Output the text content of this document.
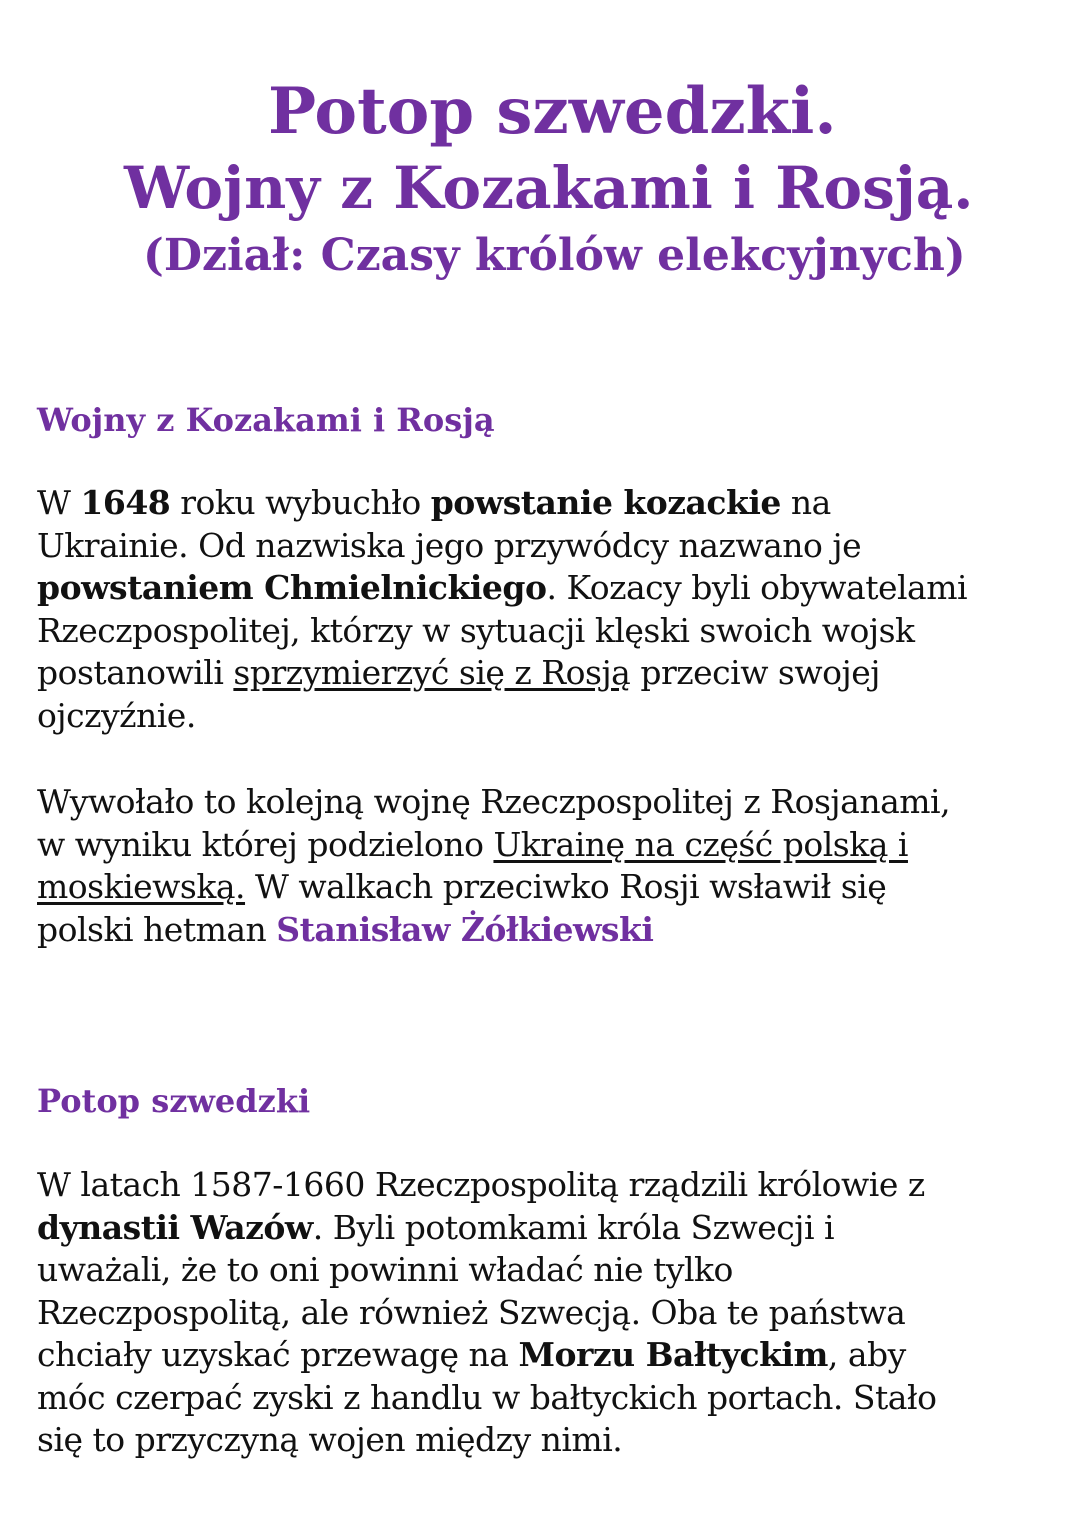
Potop szwedzki.
Wojny z Kozakami i Rosją.
(Dział: Czasy królów elekcyjnych)
Wojny z Kozakami i Rosją

W 1648 roku wybuchło powstanie kozackie na
Ukrainie. Od nazwiska jego przywódcy nazwano je
powstaniem Chmielnickiego. Kozacy byli obywatelami
Rzeczpospolitej, którzy w sytuacji klęski swoich wojsk
postanowili sprzymierzyć się z Rosją przeciw swojej
ojczyźnie.

Wywołało to kolejną wojnę Rzeczpospolitej z Rosjanami,
w wyniku której podzielono Ukrainę na część polską i
moskiewską. W walkach przeciwko Rosji wsławił się
polski hetman Stanisław Żółkiewski

Potop szwedzki

W latach 1587-1660 Rzeczpospolitą rządzili królowie z
dynastii Wazów. Byli potomkami króla Szwecji i
uważali, że to oni powinni władać nie tylko
Rzeczpospolitą, ale również Szwecją. Oba te państwa
chciały uzyskać przewagę na Morzu Bałtyckim, aby
móc czerpać zyski z handlu w bałtyckich portach. Stało
się to przyczyną wojen między nimi.
